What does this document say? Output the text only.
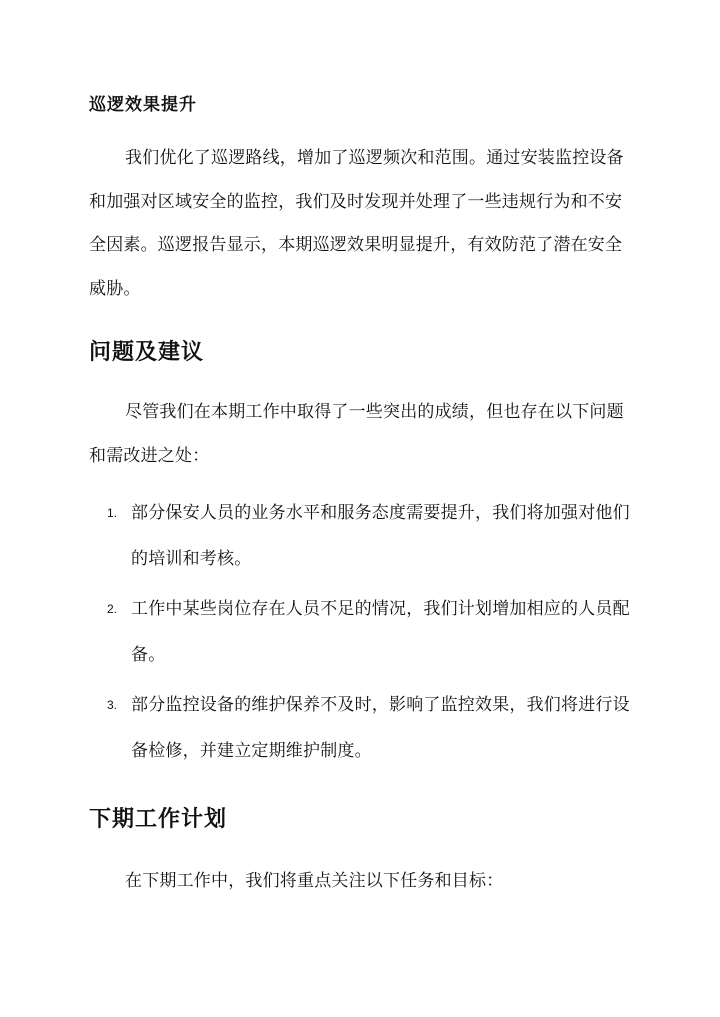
巡逻效果提升

我们优化了巡逻路线，增加了巡逻频次和范围。通过安装监控设备和加强对区域安全的监控，我们及时发现并处理了一些违规行为和不安全因素。巡逻报告显示，本期巡逻效果明显提升，有效防范了潜在安全威胁。

问题及建议

尽管我们在本期工作中取得了一些突出的成绩，但也存在以下问题和需改进之处：

1. 部分保安人员的业务水平和服务态度需要提升，我们将加强对他们的培训和考核。
2. 工作中某些岗位存在人员不足的情况，我们计划增加相应的人员配备。
3. 部分监控设备的维护保养不及时，影响了监控效果，我们将进行设备检修，并建立定期维护制度。
下期工作计划

在下期工作中，我们将重点关注以下任务和目标：
